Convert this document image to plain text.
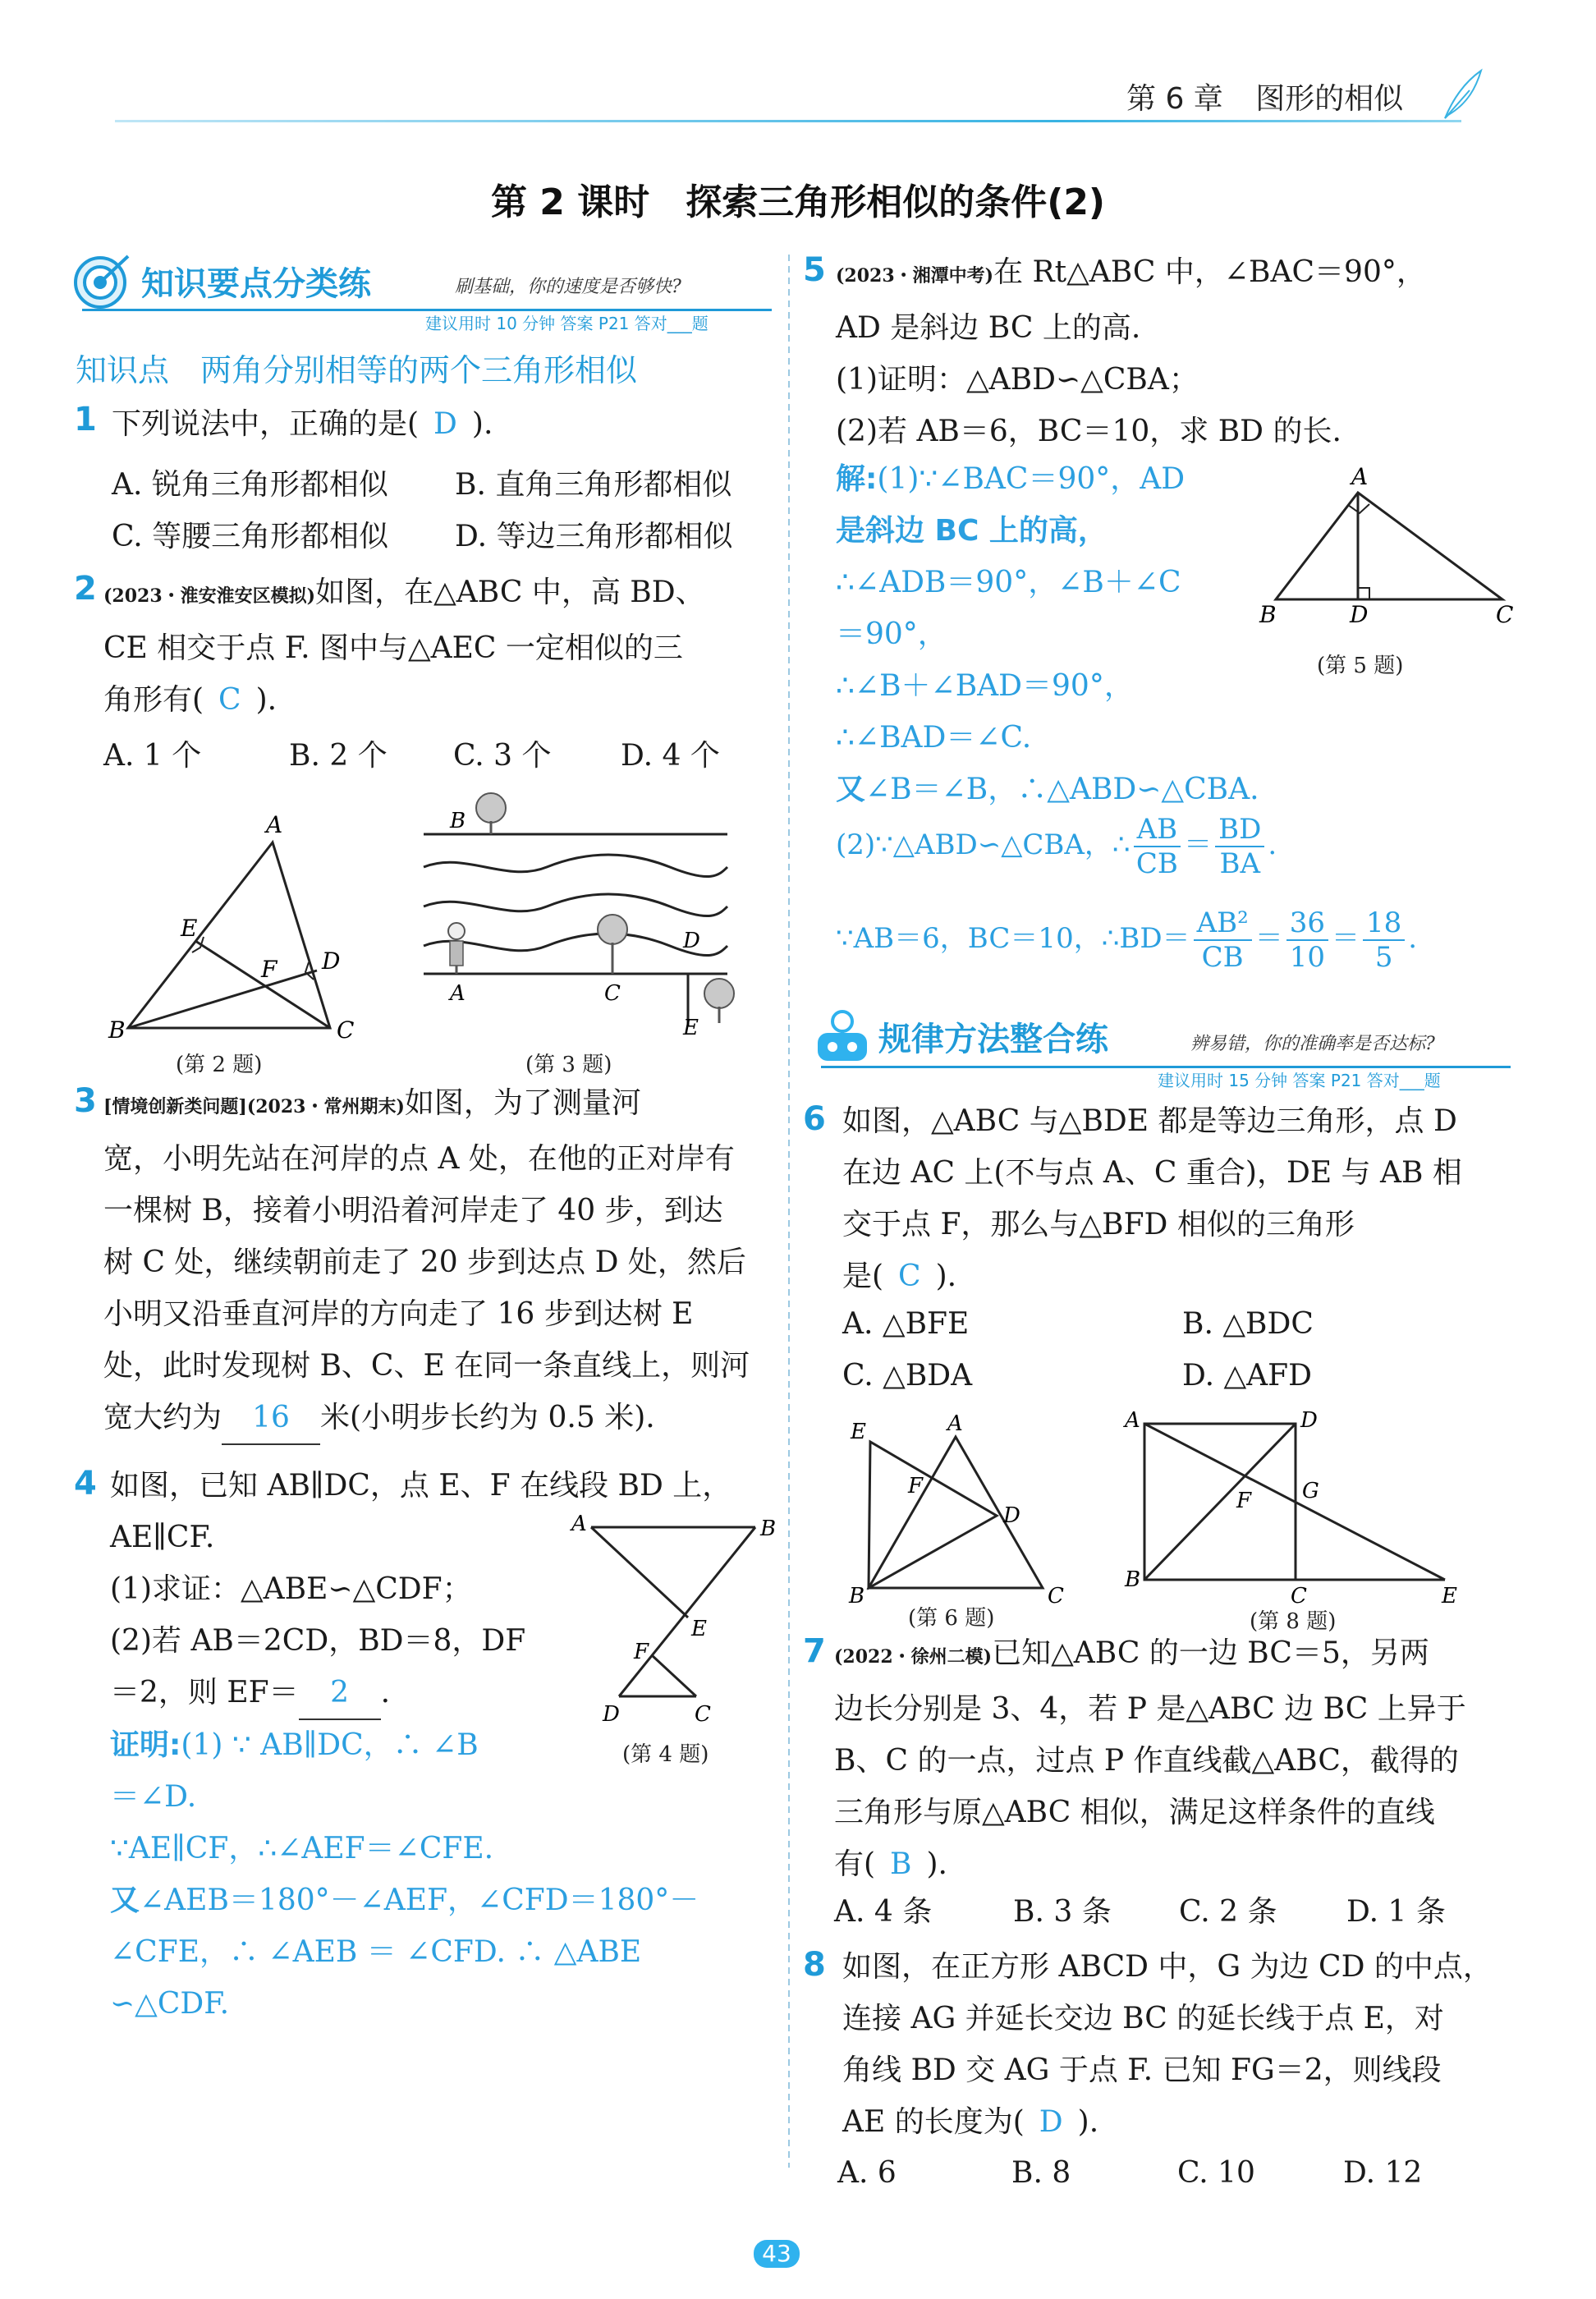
第 6 章 图形的相似
第 2 课时　探索三角形相似的条件(2)
知识要点分类练	刷基础，你的速度是否够快?
建议用时 10 分钟 答案 P21 答对___题
知识点　两角分别相等的两个三角形相似
1 下列说法中，正确的是( D ).
A. 锐角三角形都相似 B. 直角三角形都相似
C. 等腰三角形都相似 D. 等边三角形都相似
2 (2023・淮安淮安区模拟)如图，在△ABC 中，高 BD、
CE 相交于点 F. 图中与△AEC 一定相似的三
角形有( C ).
A. 1 个	B. 2 个 C. 3 个 D. 4 个
A
E
D
F
B	C
(第 2 题)
B
A	C
D
E
(第 3 题)
3 [情境创新类问题](2023・常州期末)如图，为了测量河
宽，小明先站在河岸的点 A 处，在他的正对岸有
一棵树 B，接着小明沿着河岸走了 40 步，到达
树 C 处，继续朝前走了 20 步到达点 D 处，然后
小明又沿垂直河岸的方向走了 16 步到达树 E
处，此时发现树 B、C、E 在同一条直线上，则河
宽大约为 16 米(小明步长约为 0.5 米).
4 如图，已知 AB∥DC，点 E、F 在线段 BD 上，
AE∥CF.
(1)求证：△ABE∽△CDF；
(2)若 AB＝2CD，BD＝8，DF
＝2，则 EF＝ 2 .
证明:(1) ∵ AB∥DC，∴ ∠B
＝∠D.
∵AE∥CF，∴∠AEF＝∠CFE.
又∠AEB＝180°－∠AEF，∠CFD＝180°－
∠CFE，∴ ∠AEB ＝ ∠CFD. ∴ △ABE
∽△CDF.
A	B
E
F
D	C
(第 4 题)
5 (2023・湘潭中考)在 Rt△ABC 中，∠BAC＝90°，
AD 是斜边 BC 上的高.
(1)证明：△ABD∽△CBA；
(2)若 AB＝6，BC＝10，求 BD 的长.
解:(1)∵∠BAC＝90°，AD
是斜边 BC 上的高，
∴∠ADB＝90°，∠B＋∠C
＝90°，
∴∠B＋∠BAD＝90°，
∴∠BAD＝∠C.
又∠B＝∠B，∴△ABD∽△CBA.
(2)∵△ABD∽△CBA，∴ $\frac{AB}{CB} = \frac{BD}{BA}$ .
∵AB＝6，BC＝10，∴BD＝ $\frac{\text{AB²}}{CB} = \frac{36}{10} = \frac{18}{5}$ .
A
B	D	C
(第 5 题)
规律方法整合练	辨易错，你的准确率是否达标?
建议用时 15 分钟 答案 P21 答对___题
6 如图，△ABC 与△BDE 都是等边三角形，点 D
在边 AC 上(不与点 A、C 重合)，DE 与 AB 相
交于点 F，那么与△BFD 相似的三角形
是( C ).
A. △BFE	B. △BDC
C. △BDA	D. △AFD
E	A
F
D
B	C
(第 6 题)
A	D
G
F
B
C	E
(第 8 题)
7 (2022・徐州二模)已知△ABC 的一边 BC＝5，另两
边长分别是 3、4，若 P 是△ABC 边 BC 上异于
B、C 的一点，过点 P 作直线截△ABC，截得的
三角形与原△ABC 相似，满足这样条件的直线
有( B ).
A. 4 条	B. 3 条 C. 2 条 D. 1 条
8 如图，在正方形 ABCD 中，G 为边 CD 的中点，
连接 AG 并延长交边 BC 的延长线于点 E，对
角线 BD 交 AG 于点 F. 已知 FG＝2，则线段
AE 的长度为( D ).
A. 6	B. 8	C. 10	D. 12
43
